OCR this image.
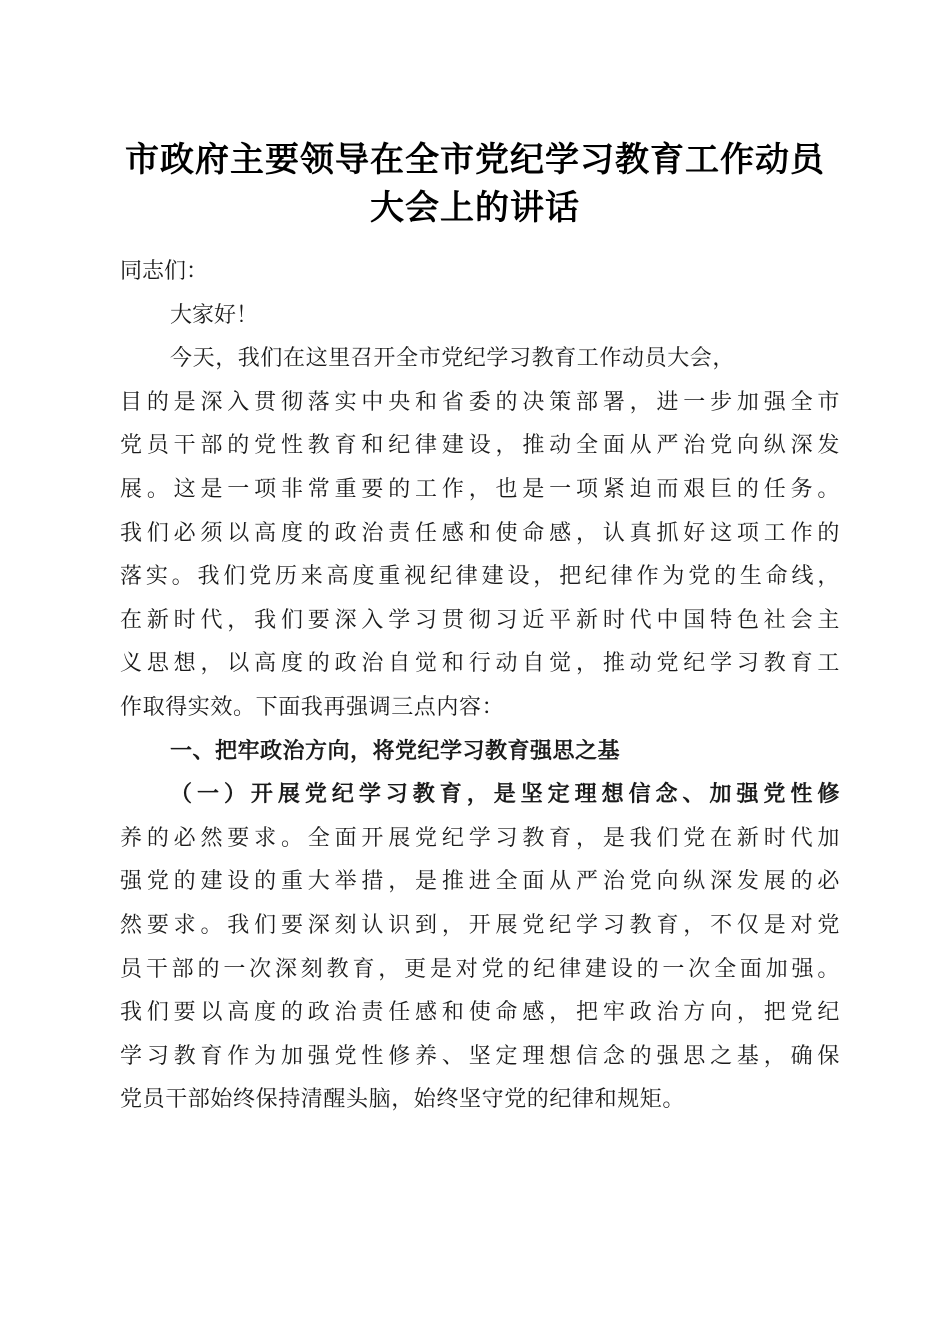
市政府主要领导在全市党纪学习教育工作动员
大会上的讲话
同志们：
大家好！
今天，我们在这里召开全市党纪学习教育工作动员大会，
目的是深入贯彻落实中央和省委的决策部署，进一步加强全市
党员干部的党性教育和纪律建设，推动全面从严治党向纵深发
展。这是一项非常重要的工作，也是一项紧迫而艰巨的任务。
我们必须以高度的政治责任感和使命感，认真抓好这项工作的
落实。我们党历来高度重视纪律建设，把纪律作为党的生命线，
在新时代，我们要深入学习贯彻习近平新时代中国特色社会主
义思想，以高度的政治自觉和行动自觉，推动党纪学习教育工
作取得实效。下面我再强调三点内容：
一、把牢政治方向，将党纪学习教育强思之基
（一）开展党纪学习教育，是坚定理想信念、加强党性修
养的必然要求。全面开展党纪学习教育，是我们党在新时代加
强党的建设的重大举措，是推进全面从严治党向纵深发展的必
然要求。我们要深刻认识到，开展党纪学习教育，不仅是对党
员干部的一次深刻教育，更是对党的纪律建设的一次全面加强。
我们要以高度的政治责任感和使命感，把牢政治方向，把党纪
学习教育作为加强党性修养、坚定理想信念的强思之基，确保
党员干部始终保持清醒头脑，始终坚守党的纪律和规矩。
